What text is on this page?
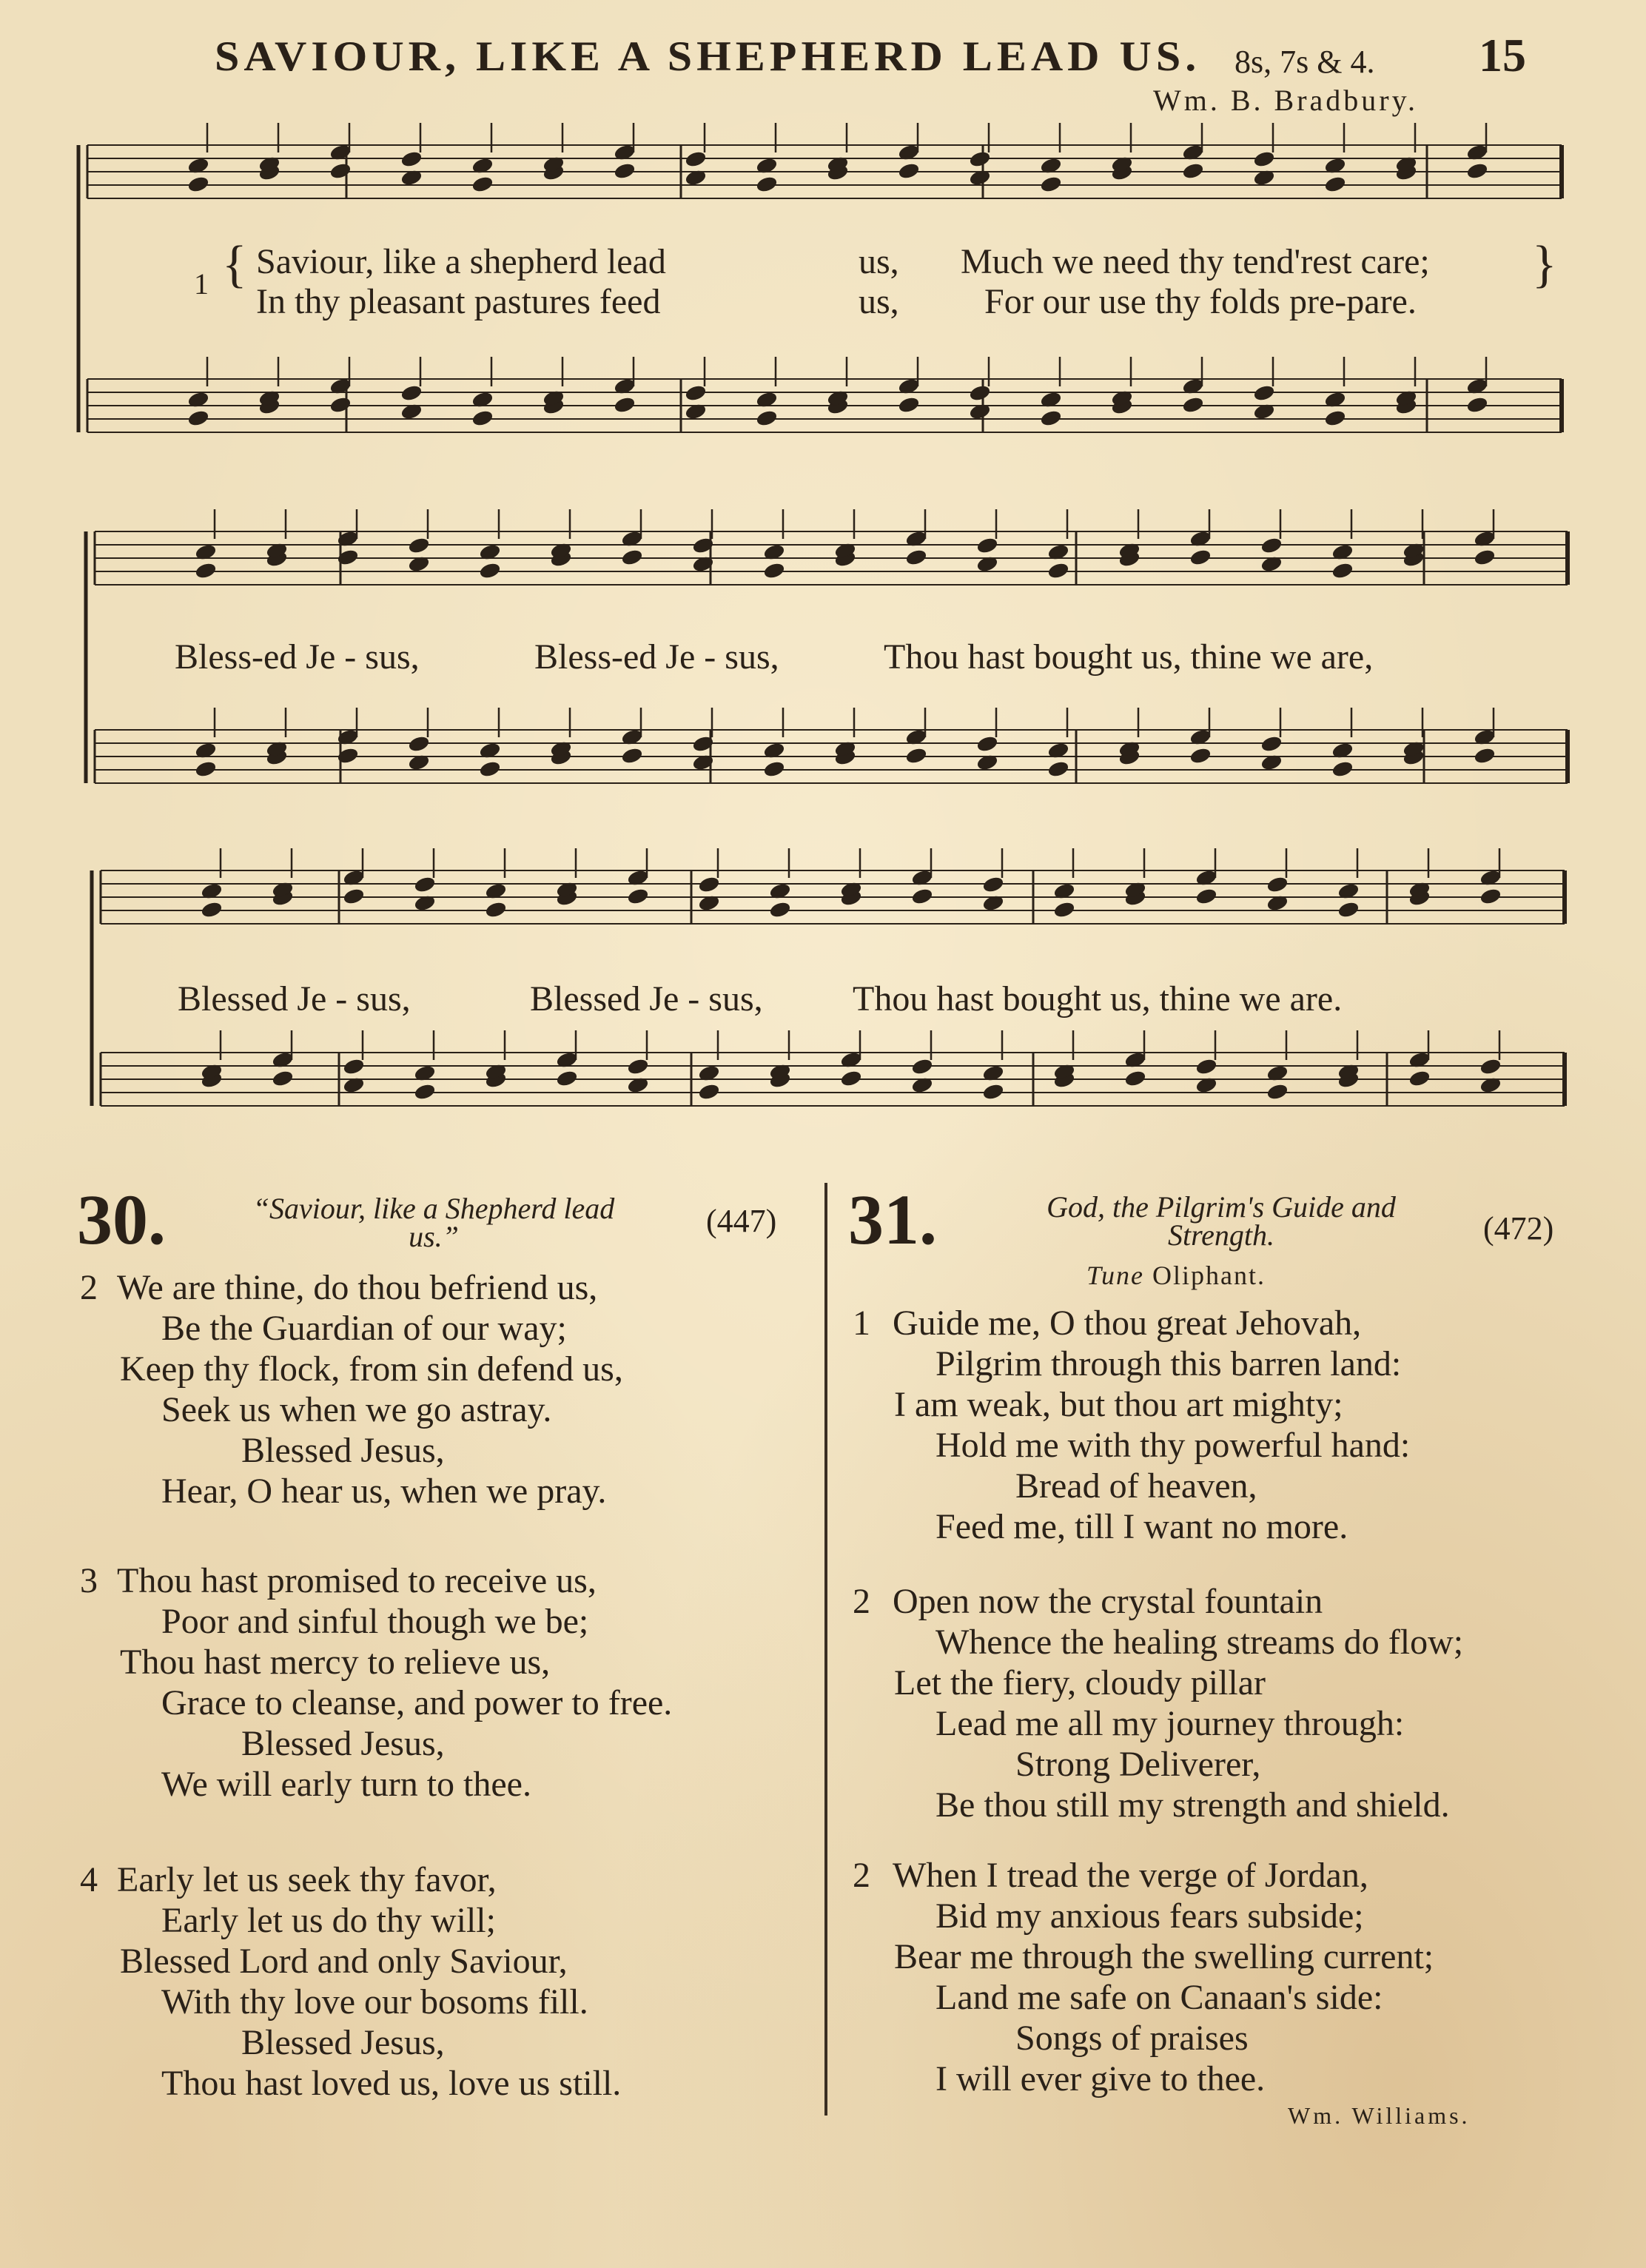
SAVIOUR, LIKE A SHEPHERD LEAD US. 8s, 7s & 4. 15
Wm. B. Bradbury.
1 { Saviour, like a shepherd lead	us, Much we need thy tend'rest care;
In thy pleasant pastures feed	us, For our use thy folds pre-pare.
}
Bless-ed Je - sus,	Bless-ed Je - sus,	Thou hast bought us, thine we are,
Blessed Je - sus,	Blessed Je - sus,	Thou hast bought us, thine we are.
30.	“Saviour, like a Shepherd lead
us.”	(447)
2 We are thine, do thou befriend us,
Be the Guardian of our way;
Keep thy flock, from sin defend us,
Seek us when we go astray.
Blessed Jesus,
Hear, O hear us, when we pray.
3 Thou hast promised to receive us,
Poor and sinful though we be;
Thou hast mercy to relieve us,
Grace to cleanse, and power to free.
Blessed Jesus,
We will early turn to thee.
4 Early let us seek thy favor,
Early let us do thy will;
Blessed Lord and only Saviour,
With thy love our bosoms fill.
Blessed Jesus,
Thou hast loved us, love us still.
31.	God, the Pilgrim's Guide and
Strength.	(472)
Tune Oliphant.
1 Guide me, O thou great Jehovah,
Pilgrim through this barren land:
I am weak, but thou art mighty;
Hold me with thy powerful hand:
Bread of heaven,
Feed me, till I want no more.
2 Open now the crystal fountain
Whence the healing streams do flow;
Let the fiery, cloudy pillar
Lead me all my journey through:
Strong Deliverer,
Be thou still my strength and shield.
2 When I tread the verge of Jordan,
Bid my anxious fears subside;
Bear me through the swelling current;
Land me safe on Canaan's side:
Songs of praises
I will ever give to thee.
Wm. Williams.
